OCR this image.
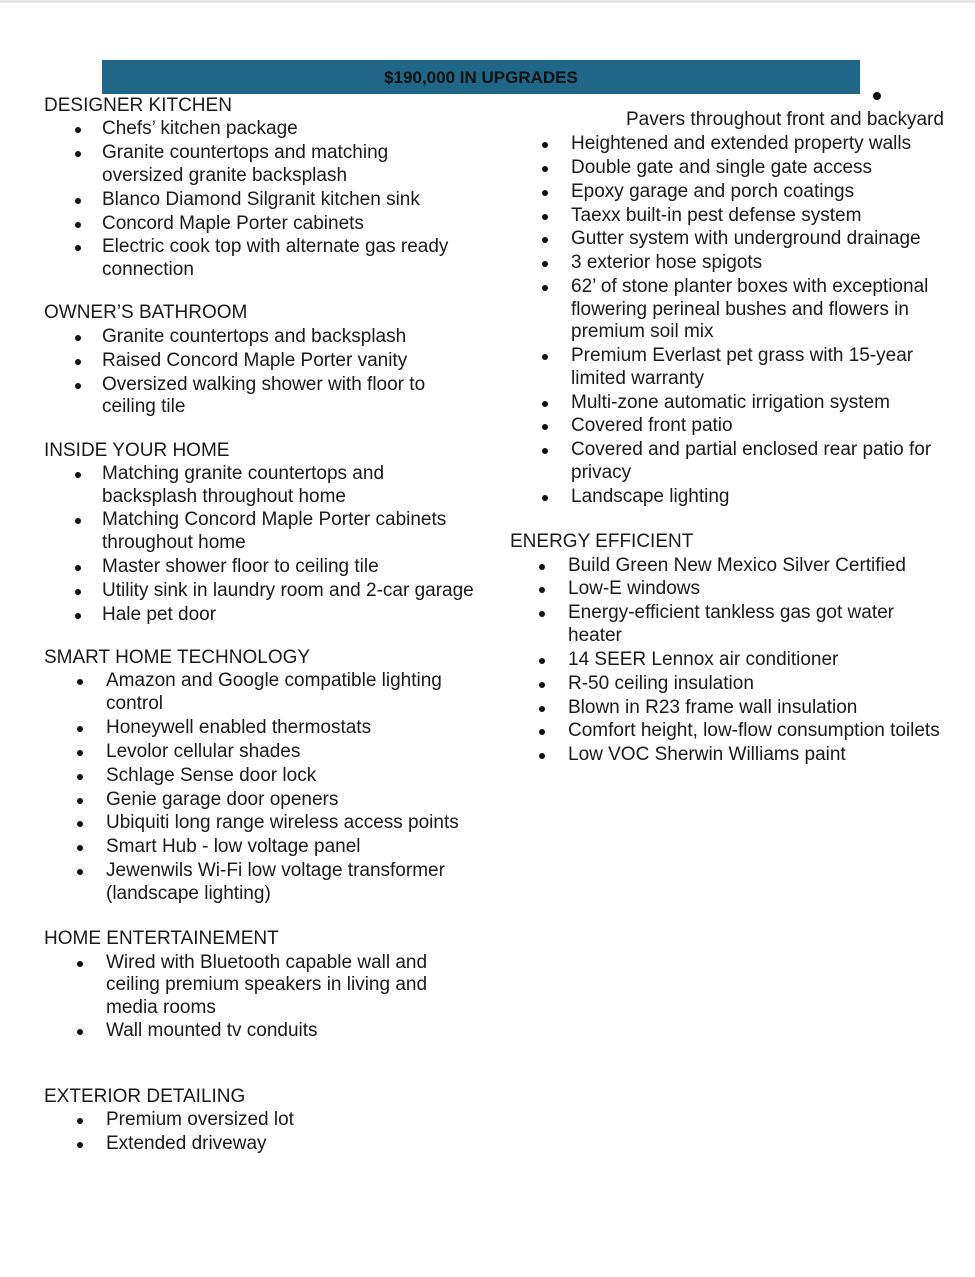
$190,000 IN UPGRADES
DESIGNER KITCHEN
Chefs’ kitchen package
Granite countertops and matching oversized granite backsplash
Blanco Diamond Silgranit kitchen sink
Concord Maple Porter cabinets
Electric cook top with alternate gas ready connection
OWNER’S BATHROOM
Granite countertops and backsplash
Raised Concord Maple Porter vanity
Oversized walking shower with floor to ceiling tile
INSIDE YOUR HOME
Matching granite countertops and backsplash throughout home
Matching Concord Maple Porter cabinets throughout home
Master shower floor to ceiling tile
Utility sink in laundry room and 2-car garage
Hale pet door
SMART HOME TECHNOLOGY
Amazon and Google compatible lighting control
Honeywell enabled thermostats
Levolor cellular shades
Schlage Sense door lock
Genie garage door openers
Ubiquiti long range wireless access points
Smart Hub - low voltage panel
Jewenwils Wi-Fi low voltage transformer (landscape lighting)
HOME ENTERTAINEMENT
Wired with Bluetooth capable wall and ceiling premium speakers in living and media rooms
Wall mounted tv conduits
EXTERIOR DETAILING
Premium oversized lot
Extended driveway

Pavers throughout front and backyard

Heightened and extended property walls
Double gate and single gate access
Epoxy garage and porch coatings
Taexx built-in pest defense system
Gutter system with underground drainage
3 exterior hose spigots
62’ of stone planter boxes with exceptional flowering perineal bushes and flowers in premium soil mix
Premium Everlast pet grass with 15-year limited warranty
Multi-zone automatic irrigation system
Covered front patio
Covered and partial enclosed rear patio for privacy
Landscape lighting
ENERGY EFFICIENT
Build Green New Mexico Silver Certified
Low-E windows
Energy-efficient tankless gas got water heater
14 SEER Lennox air conditioner
R-50 ceiling insulation
Blown in R23 frame wall insulation
Comfort height, low-flow consumption toilets
Low VOC Sherwin Williams paint
